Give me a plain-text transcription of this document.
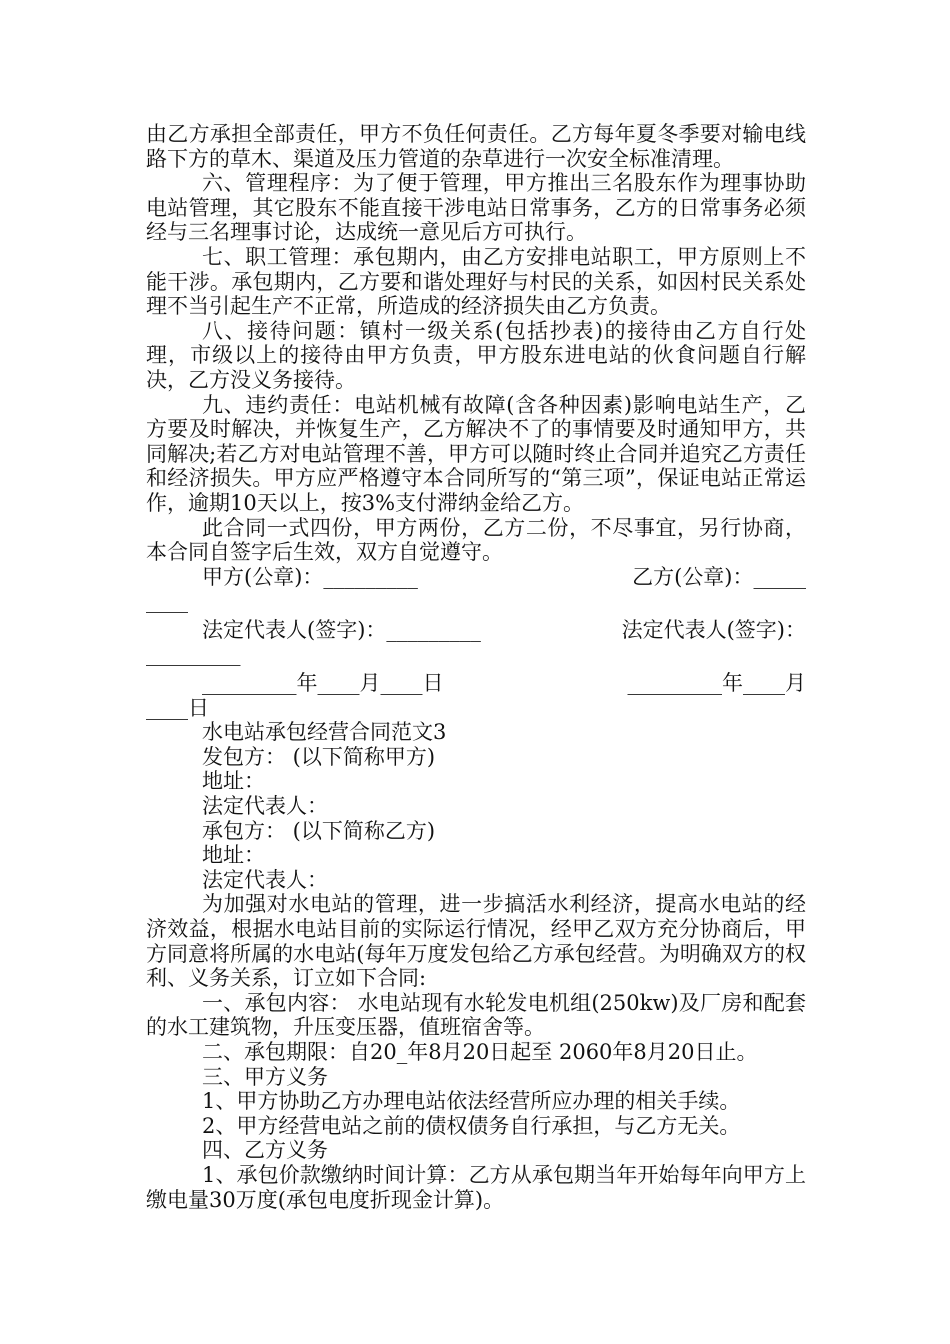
由乙方承担全部责任，甲方不负任何责任。乙方每年夏冬季要对输电线路下方的草木、渠道及压力管道的杂草进行一次安全标准清理。

六、管理程序：为了便于管理，甲方推出三名股东作为理事协助电站管理，其它股东不能直接干涉电站日常事务，乙方的日常事务必须经与三名理事讨论，达成统一意见后方可执行。

七、职工管理：承包期内，由乙方安排电站职工，甲方原则上不能干涉。承包期内，乙方要和谐处理好与村民的关系，如因村民关系处理不当引起生产不正常，所造成的经济损失由乙方负责。

八、接待问题：镇村一级关系(包括抄表)的接待由乙方自行处理，市级以上的接待由甲方负责，甲方股东进电站的伙食问题自行解决，乙方没义务接待。

九、违约责任：电站机械有故障(含各种因素)影响电站生产，乙方要及时解决，并恢复生产，乙方解决不了的事情要及时通知甲方，共同解决;若乙方对电站管理不善，甲方可以随时终止合同并追究乙方责任和经济损失。甲方应严格遵守本合同所写的“第三项”，保证电站正常运作，逾期10天以上，按3%支付滞纳金给乙方。

此合同一式四份，甲方两份，乙方二份，不尽事宜，另行协商，本合同自签字后生效，双方自觉遵守。

甲方(公章)：_________	乙方(公章)：_____
____
法定代表人(签字)：_________	法定代表人(签字)：
_________
_________年____月____日	_________年____月
____日
水电站承包经营合同范文3
发包方： (以下简称甲方)
地址：
法定代表人：
承包方： (以下简称乙方)
地址：
法定代表人：

为加强对水电站的管理，进一步搞活水利经济，提高水电站的经济效益，根据水电站目前的实际运行情况，经甲乙双方充分协商后，甲方同意将所属的水电站(每年万度发包给乙方承包经营。为明确双方的权利、义务关系，订立如下合同:

一、承包内容： 水电站现有水轮发电机组(250kw)及厂房和配套的水工建筑物，升压变压器，值班宿舍等。

二、承包期限：自20_年8月20日起至 2060年8月20日止。

三、甲方义务

1、甲方协助乙方办理电站依法经营所应办理的相关手续。

2、甲方经营电站之前的债权债务自行承担，与乙方无关。

四、乙方义务

1、承包价款缴纳时间计算：乙方从承包期当年开始每年向甲方上缴电量30万度(承包电度折现金计算)。
